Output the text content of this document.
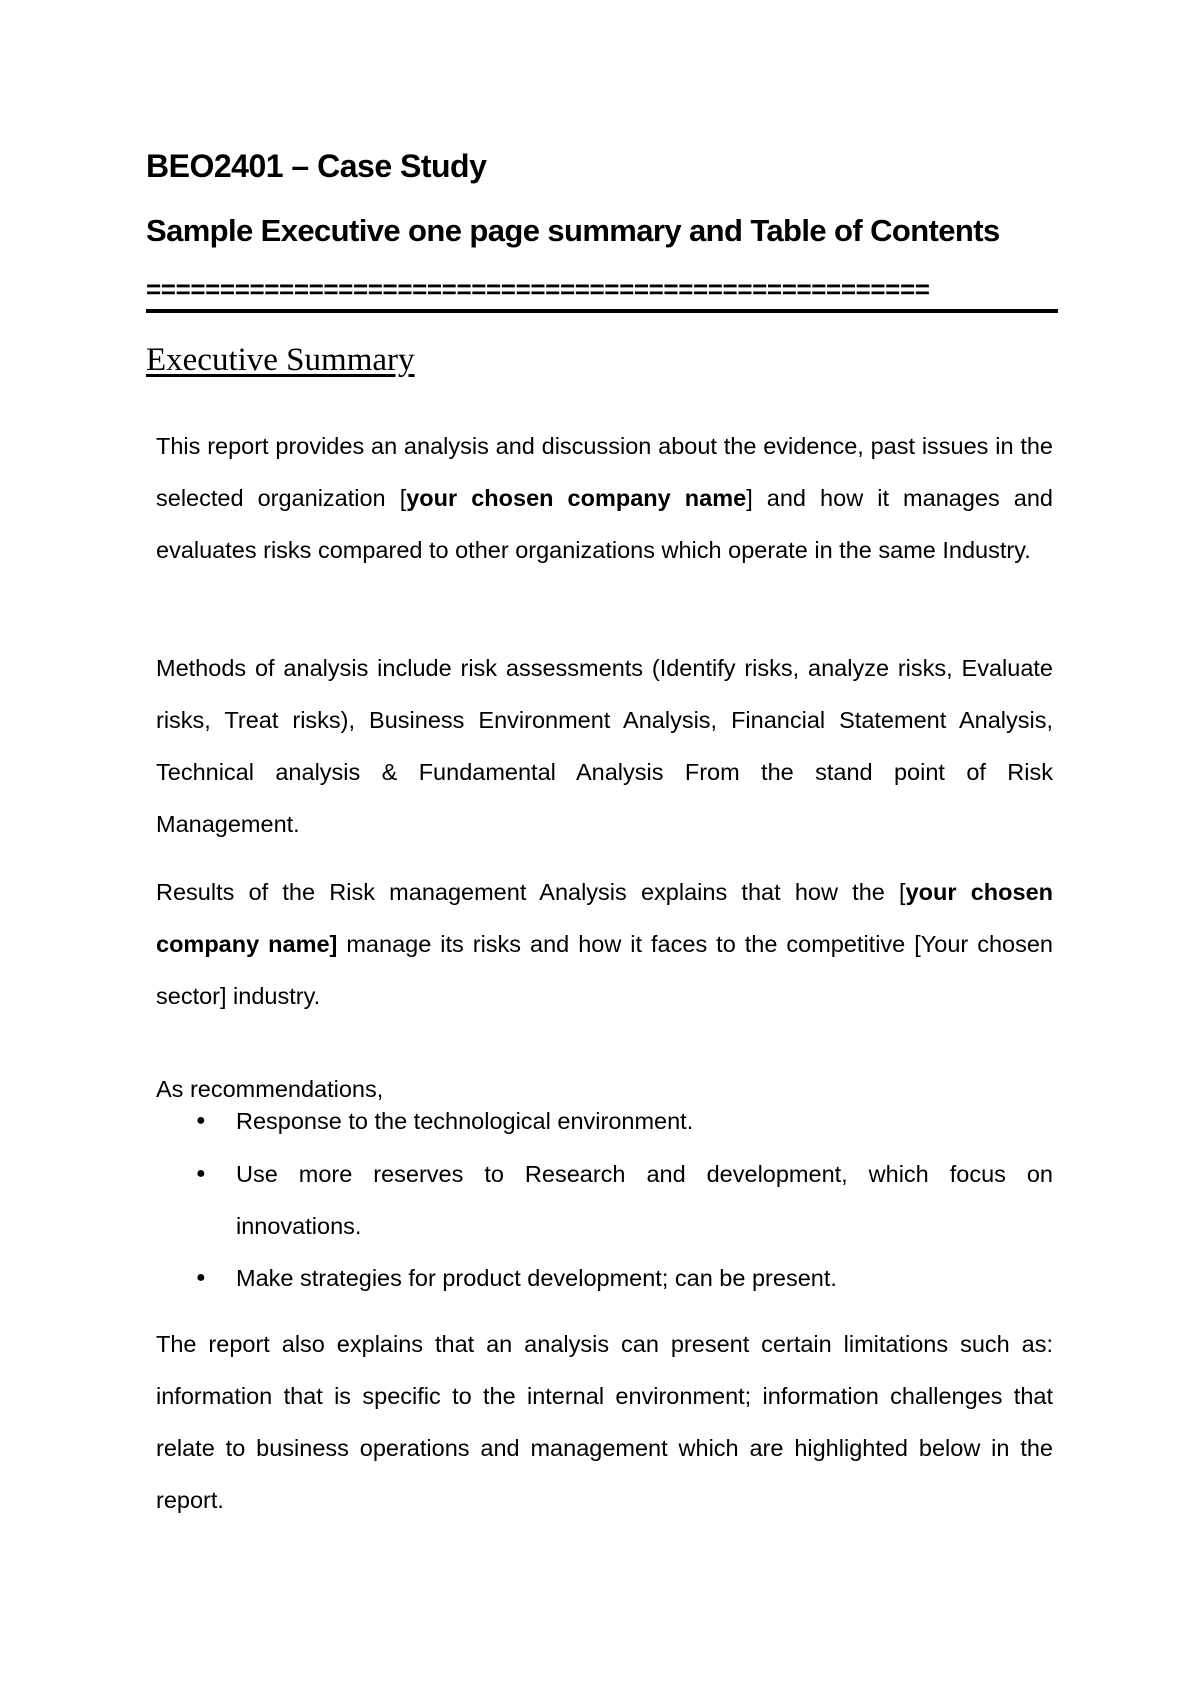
BEO2401 – Case Study
Sample Executive one page summary and Table of Contents
=====================================================
Executive Summary

This report provides an analysis and discussion about the evidence, past issues in the selected organization [your chosen company name] and how it manages and evaluates risks compared to other organizations which operate in the same Industry.

Methods of analysis include risk assessments (Identify risks, analyze risks, Evaluate risks, Treat risks), Business Environment Analysis, Financial Statement Analysis, Technical analysis & Fundamental Analysis From the stand point of Risk Management.

Results of the Risk management Analysis explains that how the [your chosen company name] manage its risks and how it faces to the competitive [Your chosen sector] industry.

As recommendations,

● Response to the technological environment.
● Use more reserves to Research and development, which focus on innovations.
● Make strategies for product development; can be present.

The report also explains that an analysis can present certain limitations such as: information that is specific to the internal environment; information challenges that relate to business operations and management which are highlighted below in the report.
